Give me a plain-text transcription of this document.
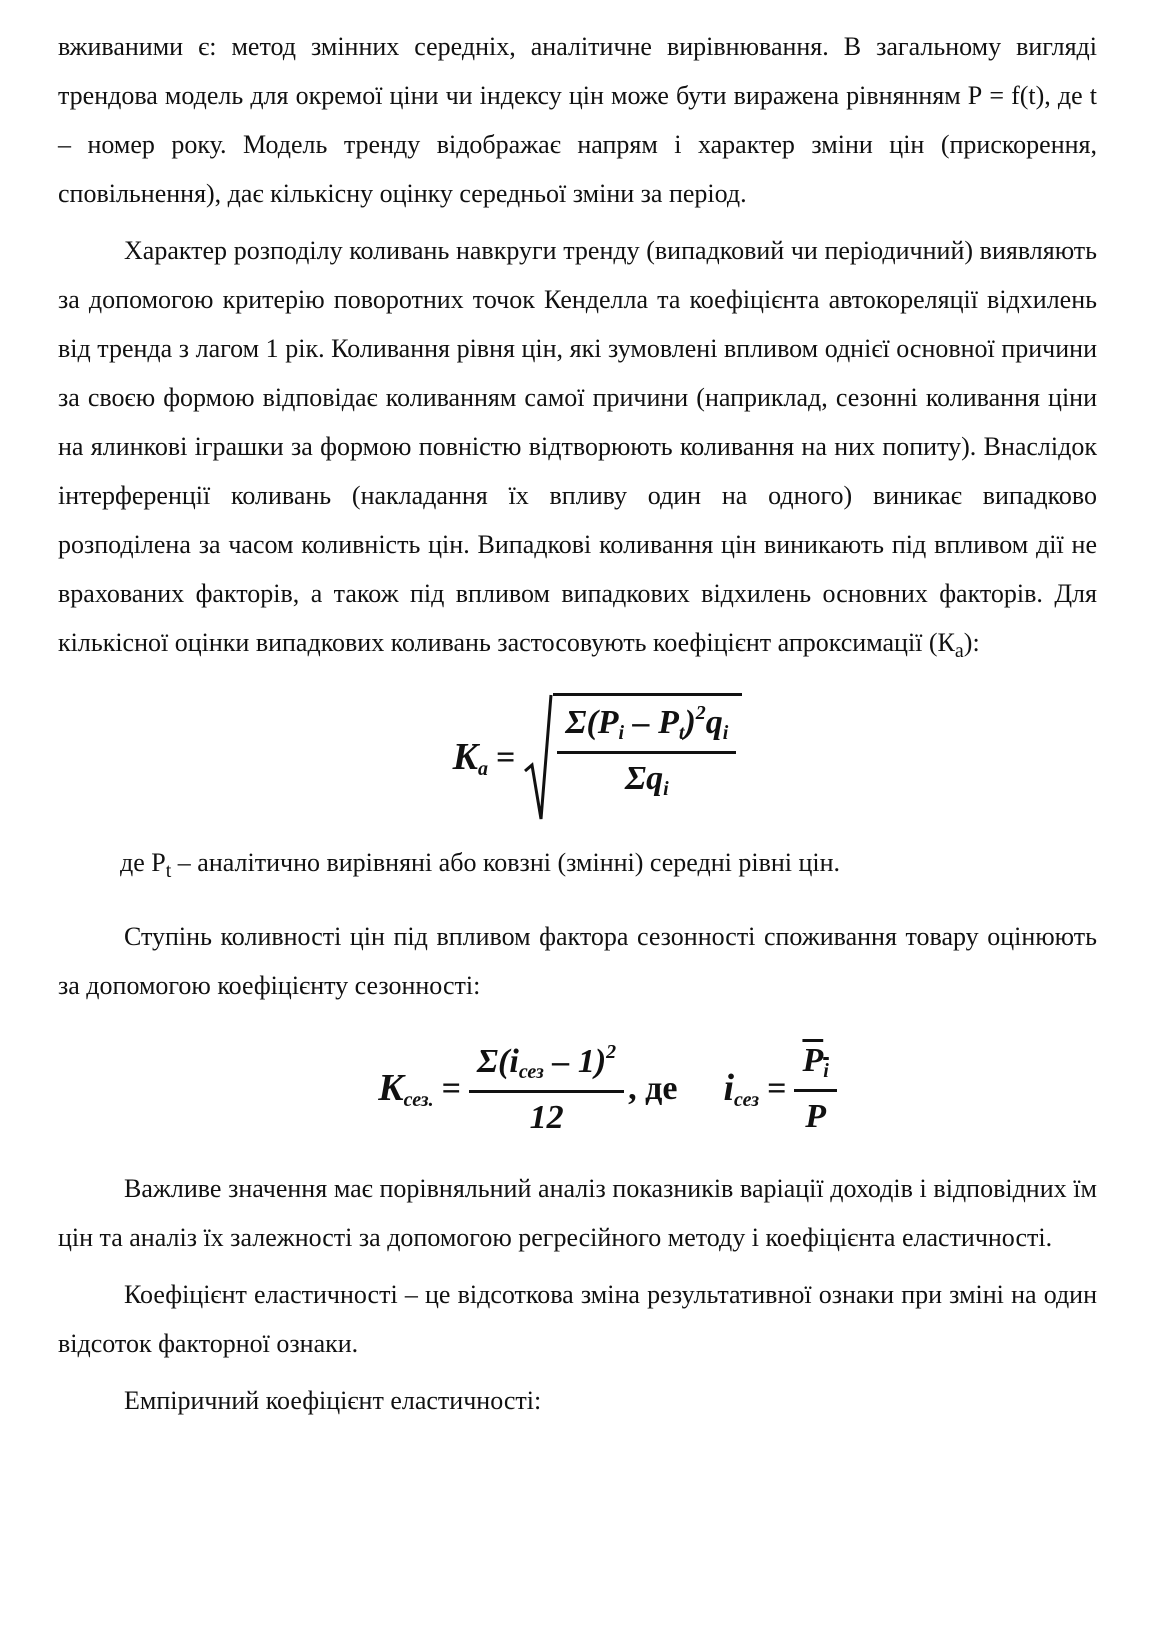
вживаними є: метод змінних середніх, аналітичне вирівнювання. В загальному вигляді трендова модель для окремої ціни чи індексу цін може бути виражена рівнянням Р = f(t), де t – номер року. Модель тренду відображає напрям і характер зміни цін (прискорення, сповільнення), дає кількісну оцінку середньої зміни за період.

Характер розподілу коливань навкруги тренду (випадковий чи періодичний) виявляють за допомогою критерію поворотних точок Кенделла та коефіцієнта автокореляції відхилень від тренда з лагом 1 рік. Коливання рівня цін, які зумовлені впливом однієї основної причини за своєю формою відповідає коливанням самої причини (наприклад, сезонні коливання ціни на ялинкові іграшки за формою повністю відтворюють коливання на них попиту). Внаслідок інтерференції коливань (накладання їх впливу один на одного) виникає випадково розподілена за часом коливність цін. Випадкові коливання цін виникають під впливом дії не врахованих факторів, а також під впливом випадкових відхилень основних факторів. Для кількісної оцінки випадкових коливань застосовують коефіцієнт апроксимації $(К_a)$:

$K_a = \frac{\Sigma(P_i - P_t)^2q_i}{\Sigma q_i}$

де $Р_t$ – аналітично вирівняні або ковзні (змінні) середні рівні цін.

Ступінь коливності цін під впливом фактора сезонності споживання товару оцінюють за допомогою коефіцієнту сезонності:

$K_{сез.} = \frac{\Sigma(i_{сез} - 1)^2}{12}$ , де $i_{сез} = \frac{P_i}{P}$

Важливе значення має порівняльний аналіз показників варіації доходів і відповідних їм цін та аналіз їх залежності за допомогою регресійного методу і коефіцієнта еластичності.

Коефіцієнт еластичності – це відсоткова зміна результативної ознаки при зміні на один відсоток факторної ознаки.

Емпіричний коефіцієнт еластичності:
